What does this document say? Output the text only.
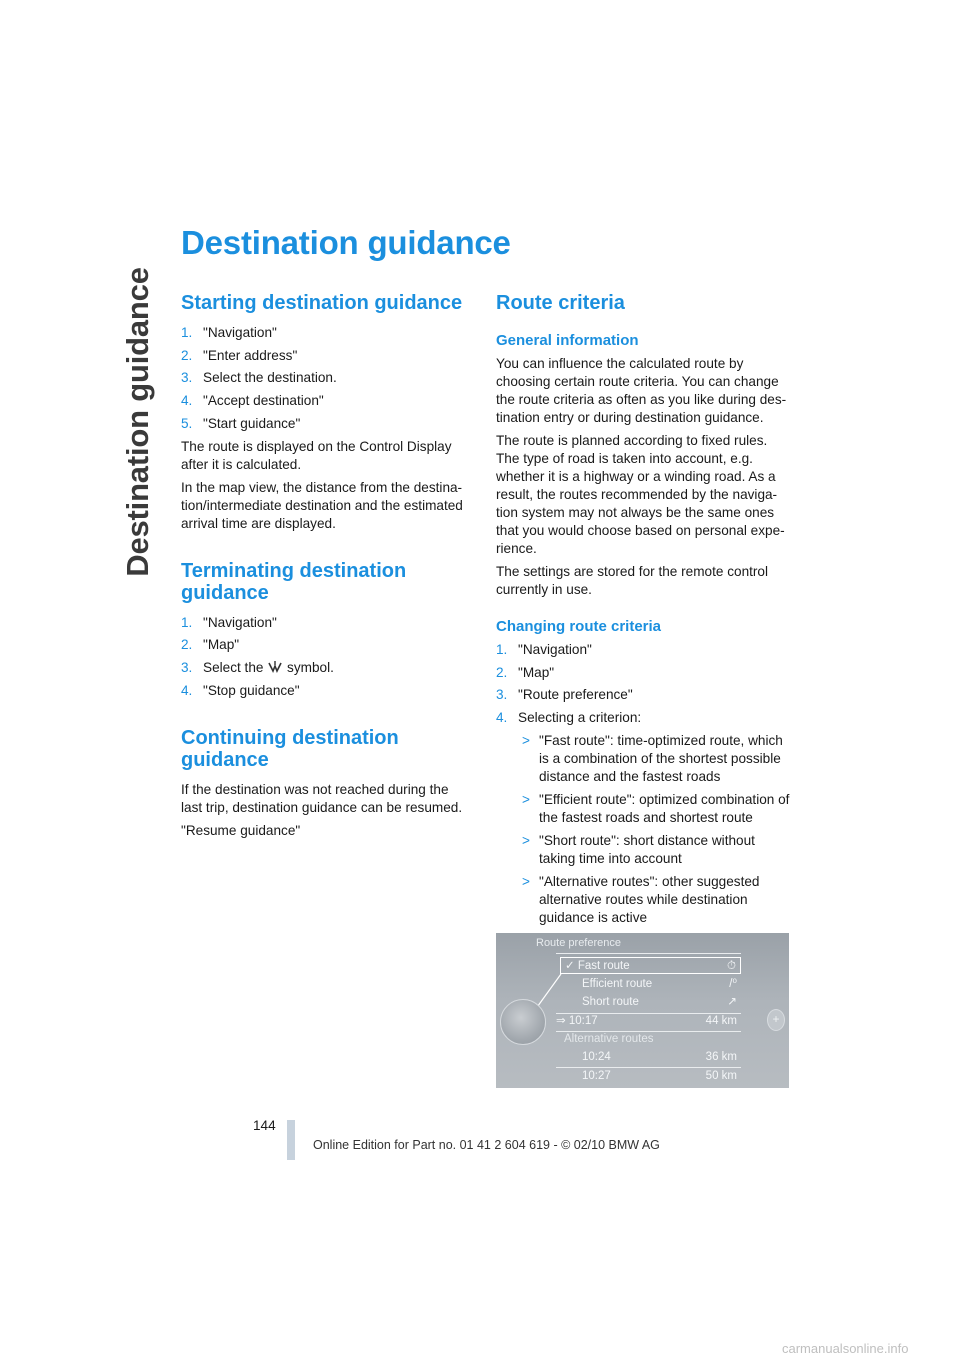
Destination guidance
Destination guidance
Starting destination guidance
1. "Navigation"
2. "Enter address"
3. Select the destination.
4. "Accept destination"
5. "Start guidance"

The route is displayed on the Control Display after it is calculated.

In the map view, the distance from the destina-tion/intermediate destination and the estimated arrival time are displayed.

Terminating destination guidance
1. "Navigation"
2. "Map"
3. Select the symbol.
4. "Stop guidance"
Continuing destination guidance

If the destination was not reached during the last trip, destination guidance can be resumed.

"Resume guidance"

Route criteria
General information

You can influence the calculated route by choosing certain route criteria. You can change the route criteria as often as you like during des-tination entry or during destination guidance.

The route is planned according to fixed rules. The type of road is taken into account, e.g. whether it is a highway or a winding road. As a result, the routes recommended by the naviga-tion system may not always be the same ones that you would choose based on personal expe-rience.

The settings are stored for the remote control currently in use.

Changing route criteria
1. "Navigation"
2. "Map"
3. "Route preference"
4. Selecting a criterion:
> "Fast route": time-optimized route, which is a combination of the shortest possible distance and the fastest roads
> "Efficient route": optimized combination of the fastest roads and shortest route
> "Short route": short distance without taking time into account
> "Alternative routes": other suggested alternative routes while destination guidance is active
Route preference
✓ Fast route	⏱
Efficient route	/⁰
Short route	↗
⇒ 10:17	44 km
Alternative routes
10:24	36 km
10:27	50 km
+
144
Online Edition for Part no. 01 41 2 604 619 - © 02/10 BMW AG
carmanualsonline.info
